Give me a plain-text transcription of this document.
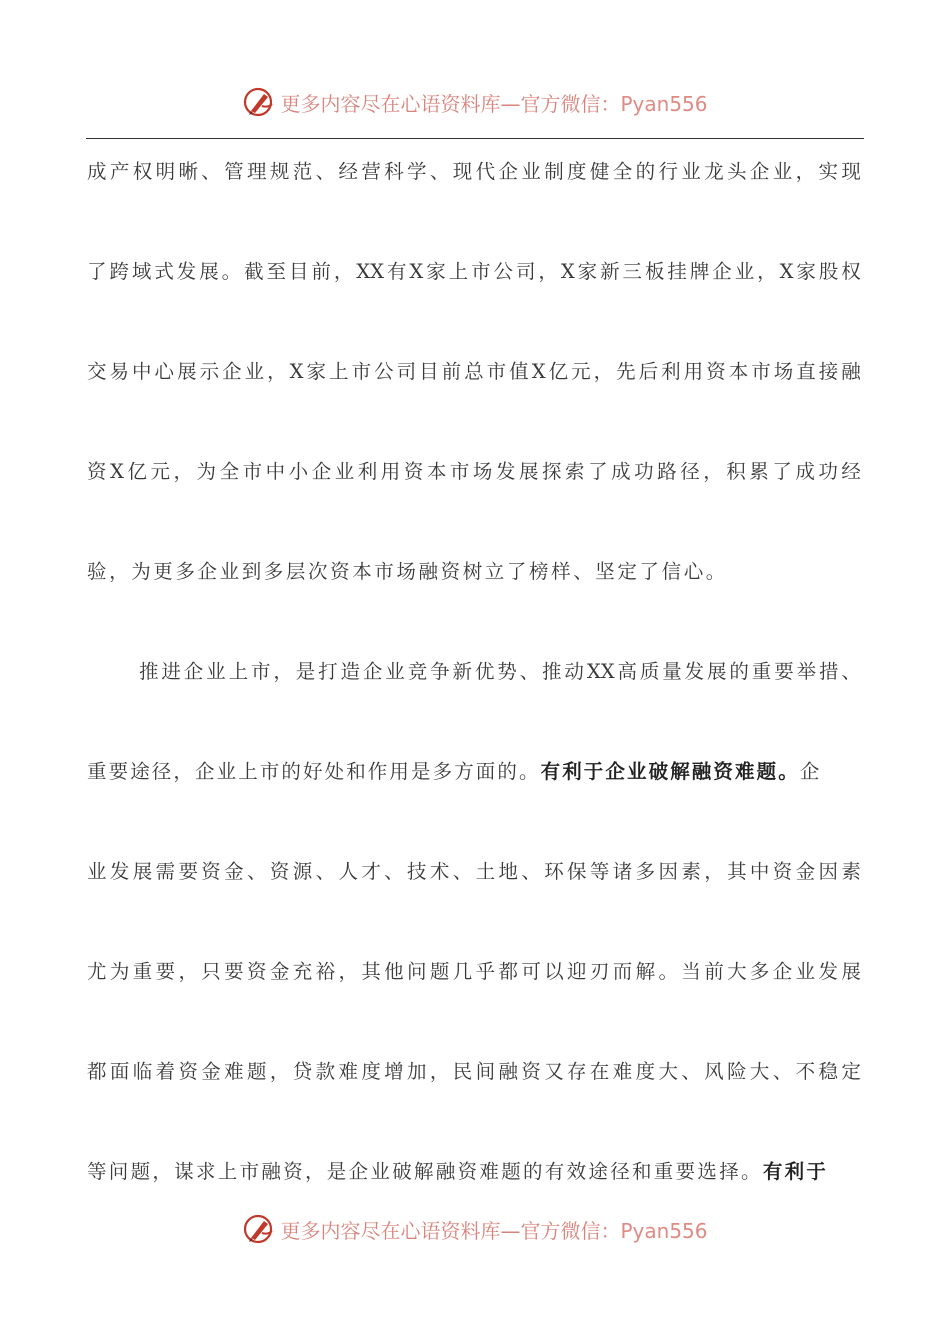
更多内容尽在心语资料库—官方微信：Pyan556
成 产 权 明 晰 、 管 理 规 范 、 经 营 科 学 、 现 代 企 业 制 度 健 全 的 行 业 龙 头 企 业 ， 实 现
了 跨 域 式 发 展 。 截 至 目 前 ， XX 有 X 家 上 市 公 司 ， X 家 新 三 板 挂 牌 企 业 ， X 家 股 权
交 易 中 心 展 示 企 业 ， X 家 上 市 公 司 目 前 总 市 值 X 亿 元 ， 先 后 利 用 资 本 市 场 直 接 融
资 X 亿 元 ， 为 全 市 中 小 企 业 利 用 资 本 市 场 发 展 探 索 了 成 功 路 径 ， 积 累 了 成 功 经
验，为更多企业到多层次资本市场融资树立了榜样、坚定了信心。
推 进 企 业 上 市 ， 是 打 造 企 业 竞 争 新 优 势 、 推 动 XX 高 质 量 发 展 的 重 要 举 措 、
重要途径，企业上市的好处和作用是多方面的。有利于企业破解融资难题。企
业 发 展 需 要 资 金 、 资 源 、 人 才 、 技 术 、 土 地 、 环 保 等 诸 多 因 素 ， 其 中 资 金 因 素
尤 为 重 要 ， 只 要 资 金 充 裕 ， 其 他 问 题 几 乎 都 可 以 迎 刃 而 解 。 当 前 大 多 企 业 发 展
都 面 临 着 资 金 难 题 ， 贷 款 难 度 增 加 ， 民 间 融 资 又 存 在 难 度 大 、 风 险 大 、 不 稳 定
等问题，谋求上市融资，是企业破解融资难题的有效途径和重要选择。有利于
更多内容尽在心语资料库—官方微信：Pyan556
